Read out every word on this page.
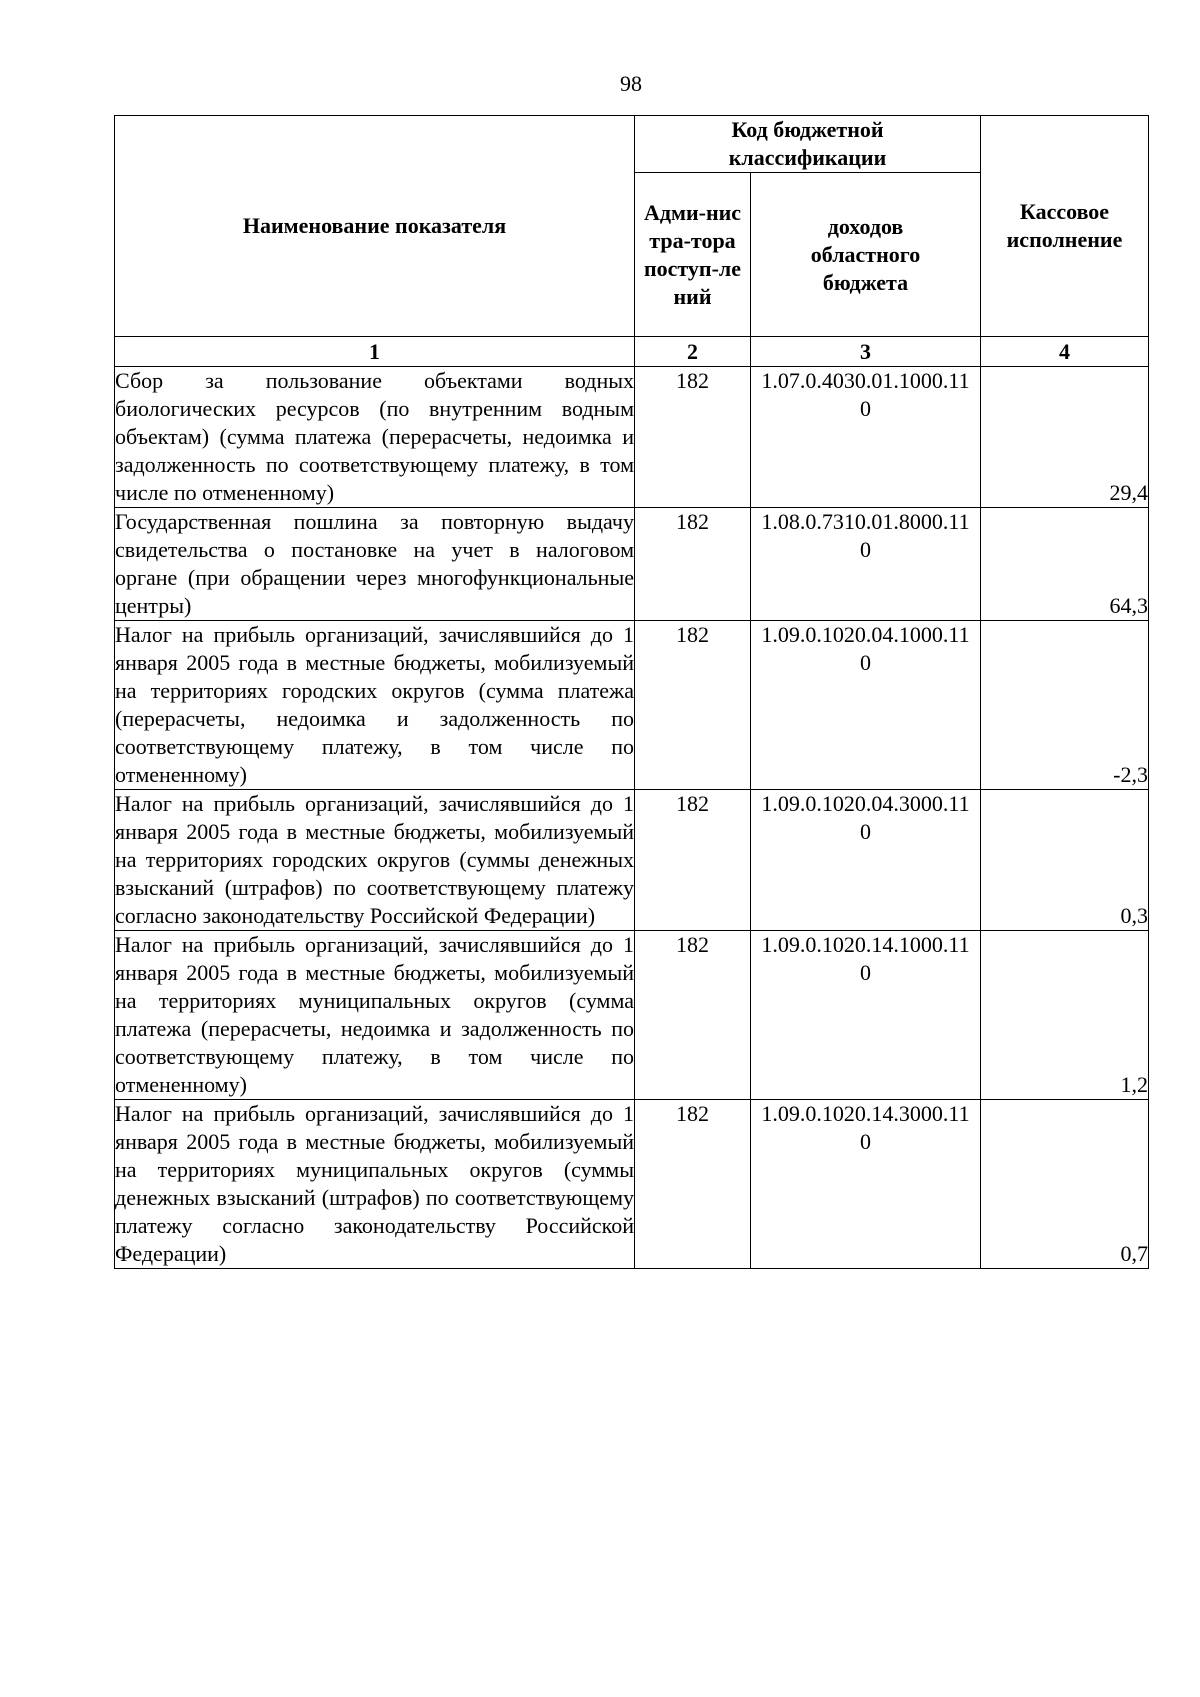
98
Наименование показателя	Код бюджетной классификации		Кассовое исполнение

	Адми-нистра-тора поступ-лений	доходов областного бюджета	

1	2	3	4
Сбор за пользование объектами водных биологических ресурсов (по внутренним водным объектам) (сумма платежа (перерасчеты, недоимка и задолженность по соответствующему платежу, в том числе по отмененному)	182	1.07.0.4030.01.1000.110	29,4
Государственная пошлина за повторную выдачу свидетельства о постановке на учет в налоговом органе (при обращении через многофункциональные центры)	182	1.08.0.7310.01.8000.110	64,3
Налог на прибыль организаций, зачислявшийся до 1 января 2005 года в местные бюджеты, мобилизуемый на территориях городских округов (сумма платежа (перерасчеты, недоимка и задолженность по соответствующему платежу, в том числе по отмененному)	182	1.09.0.1020.04.1000.110	-2,3
Налог на прибыль организаций, зачислявшийся до 1 января 2005 года в местные бюджеты, мобилизуемый на территориях городских округов (суммы денежных взысканий (штрафов) по соответствующему платежу согласно законодательству Российской Федерации)	182	1.09.0.1020.04.3000.110	0,3
Налог на прибыль организаций, зачислявшийся до 1 января 2005 года в местные бюджеты, мобилизуемый на территориях муниципальных округов (сумма платежа (перерасчеты, недоимка и задолженность по соответствующему платежу, в том числе по отмененному)	182	1.09.0.1020.14.1000.110	1,2
Налог на прибыль организаций, зачислявшийся до 1 января 2005 года в местные бюджеты, мобилизуемый на территориях муниципальных округов (суммы денежных взысканий (штрафов) по соответствующему платежу согласно законодательству Российской Федерации)	182	1.09.0.1020.14.3000.110	0,7
